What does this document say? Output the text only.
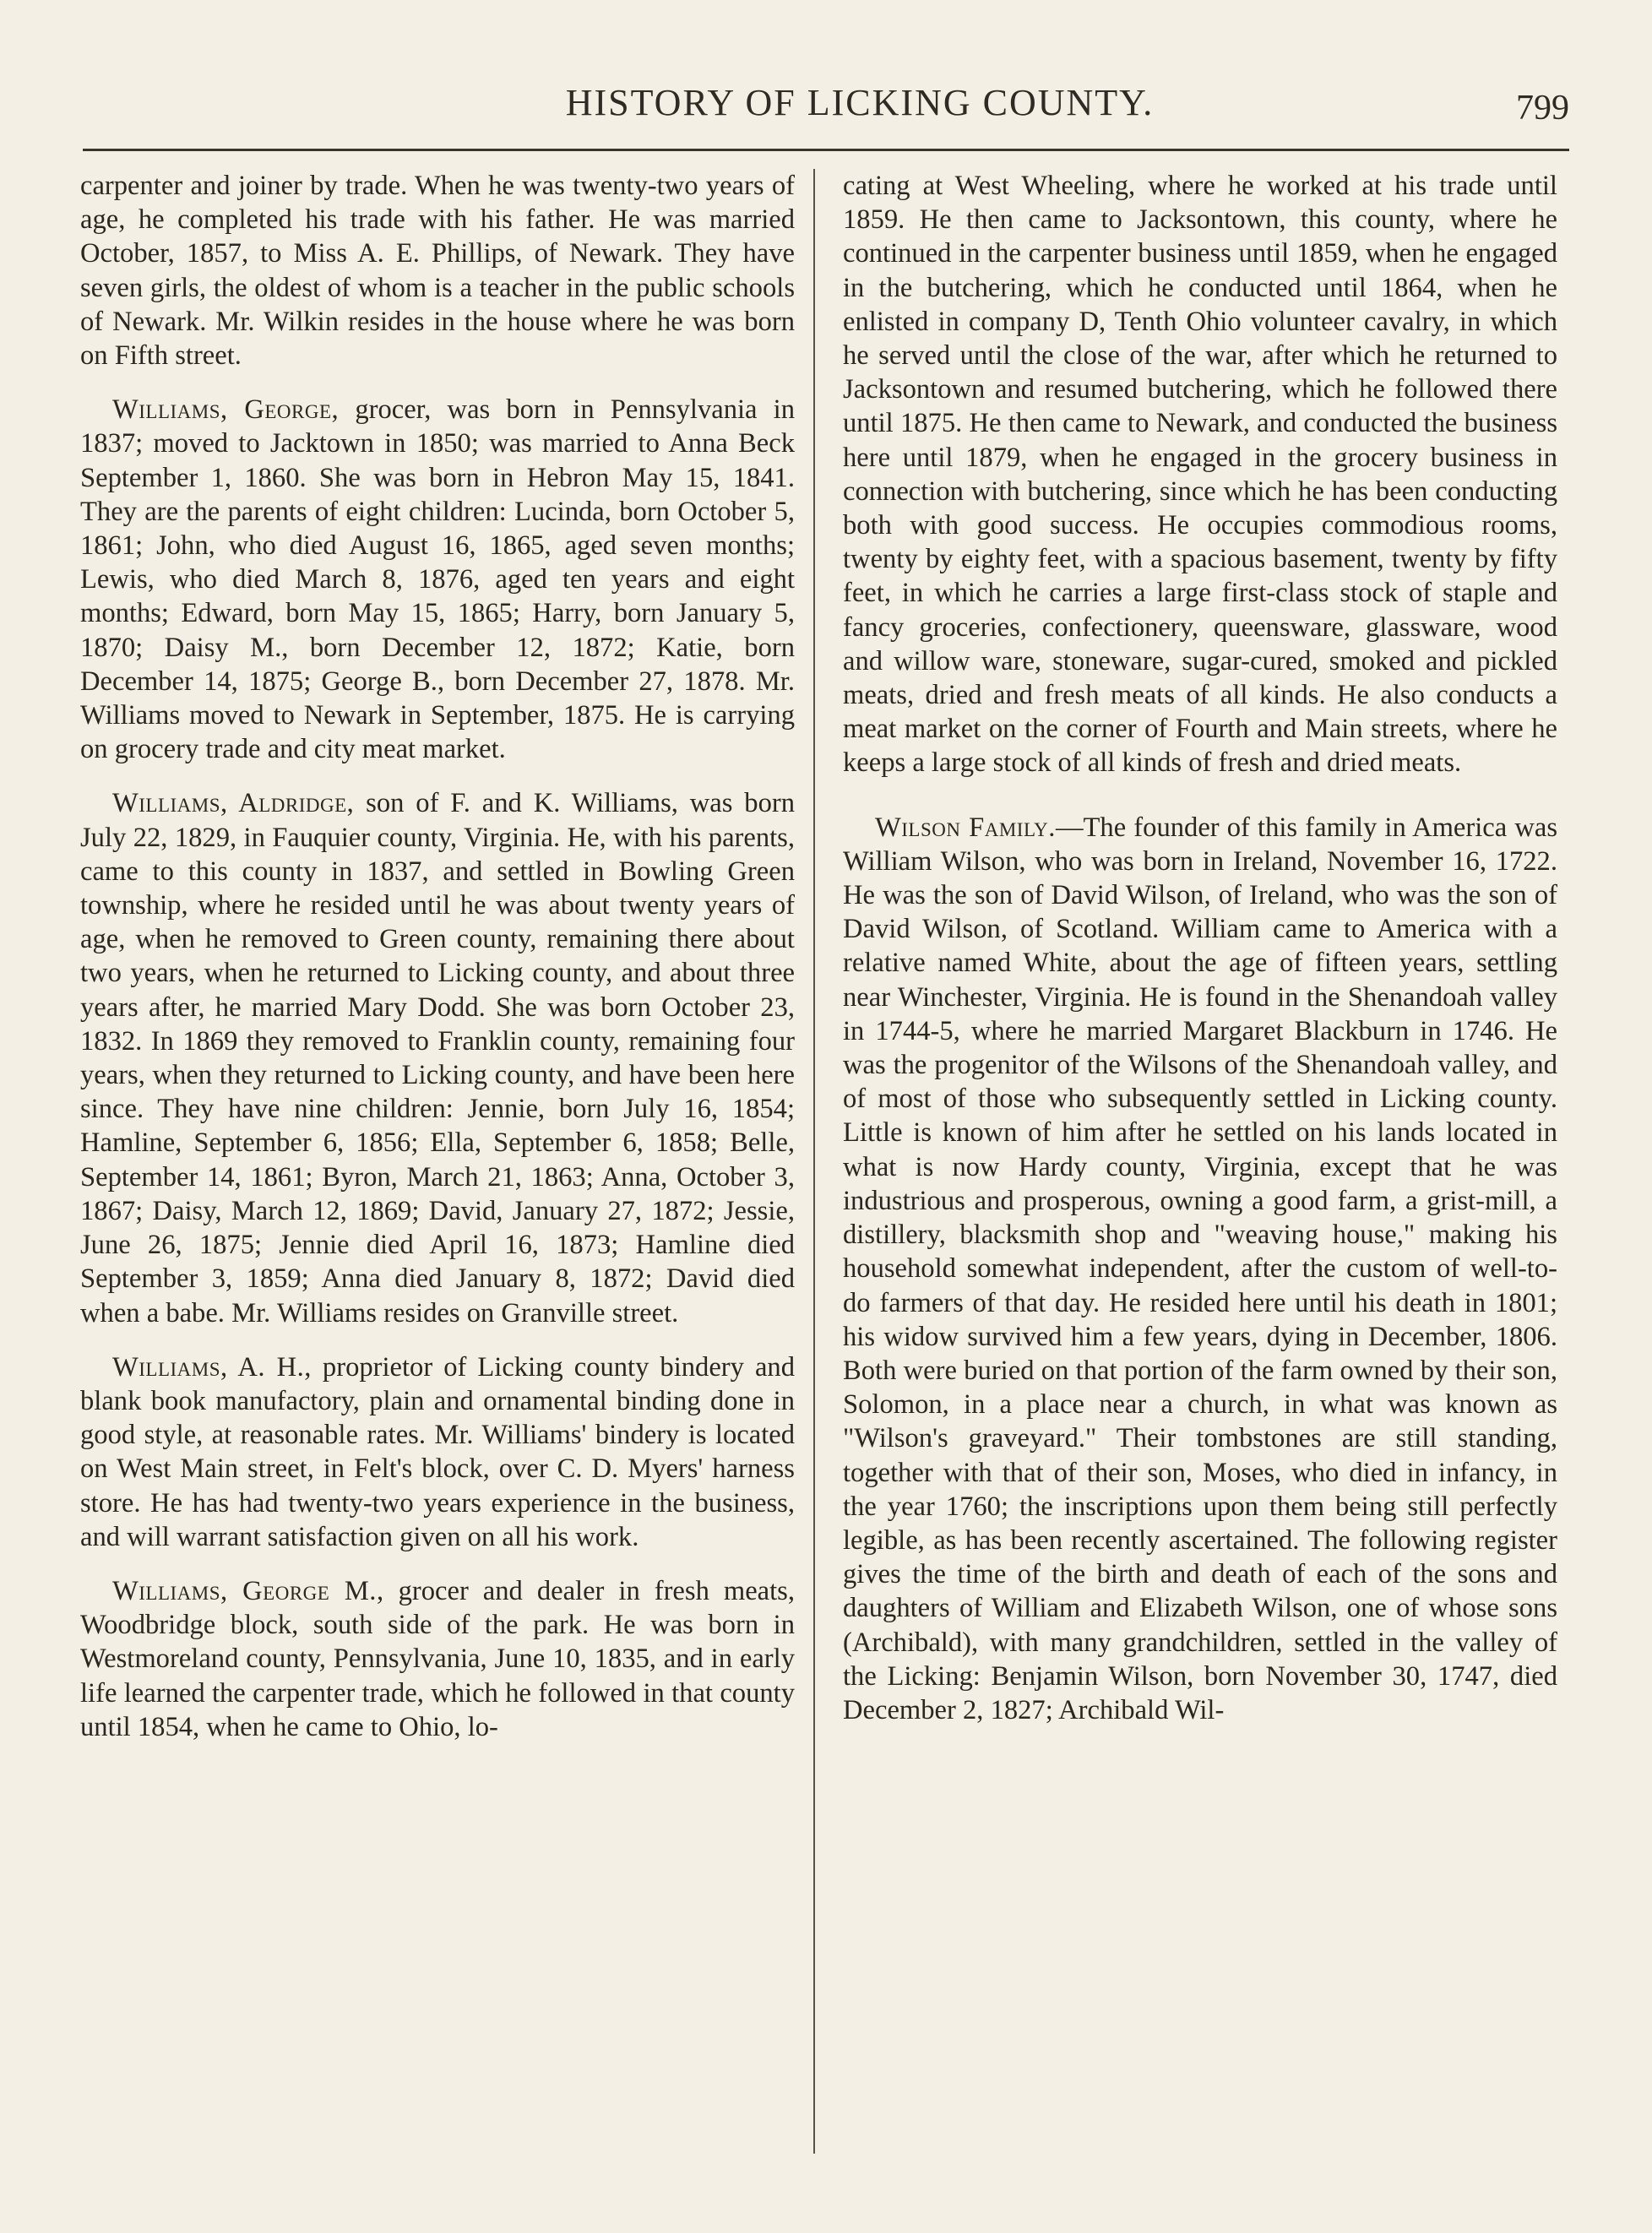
HISTORY OF LICKING COUNTY.	799

carpenter and joiner by trade. When he was twenty-two years of age, he completed his trade with his father. He was married October, 1857, to Miss A. E. Phillips, of Newark. They have seven girls, the oldest of whom is a teacher in the public schools of Newark. Mr. Wilkin resides in the house where he was born on Fifth street.

Williams, George, grocer, was born in Pennsylvania in 1837; moved to Jacktown in 1850; was married to Anna Beck September 1, 1860. She was born in Hebron May 15, 1841. They are the parents of eight children: Lucinda, born October 5, 1861; John, who died August 16, 1865, aged seven months; Lewis, who died March 8, 1876, aged ten years and eight months; Edward, born May 15, 1865; Harry, born January 5, 1870; Daisy M., born December 12, 1872; Katie, born December 14, 1875; George B., born December 27, 1878. Mr. Williams moved to Newark in September, 1875. He is carrying on grocery trade and city meat market.

Williams, Aldridge, son of F. and K. Williams, was born July 22, 1829, in Fauquier county, Virginia. He, with his parents, came to this county in 1837, and settled in Bowling Green township, where he resided until he was about twenty years of age, when he removed to Green county, remaining there about two years, when he returned to Licking county, and about three years after, he married Mary Dodd. She was born October 23, 1832. In 1869 they removed to Franklin county, remaining four years, when they returned to Licking county, and have been here since. They have nine children: Jennie, born July 16, 1854; Hamline, September 6, 1856; Ella, September 6, 1858; Belle, September 14, 1861; Byron, March 21, 1863; Anna, October 3, 1867; Daisy, March 12, 1869; David, January 27, 1872; Jessie, June 26, 1875; Jennie died April 16, 1873; Hamline died September 3, 1859; Anna died January 8, 1872; David died when a babe. Mr. Williams resides on Granville street.

Williams, A. H., proprietor of Licking county bindery and blank book manufactory, plain and ornamental binding done in good style, at reasonable rates. Mr. Williams' bindery is located on West Main street, in Felt's block, over C. D. Myers' harness store. He has had twenty-two years experience in the business, and will warrant satisfaction given on all his work.

Williams, George M., grocer and dealer in fresh meats, Woodbridge block, south side of the park. He was born in Westmoreland county, Pennsylvania, June 10, 1835, and in early life learned the carpenter trade, which he followed in that county until 1854, when he came to Ohio, lo-

cating at West Wheeling, where he worked at his trade until 1859. He then came to Jacksontown, this county, where he continued in the carpenter business until 1859, when he engaged in the butchering, which he conducted until 1864, when he enlisted in company D, Tenth Ohio volunteer cavalry, in which he served until the close of the war, after which he returned to Jacksontown and resumed butchering, which he followed there until 1875. He then came to Newark, and conducted the business here until 1879, when he engaged in the grocery business in connection with butchering, since which he has been conducting both with good success. He occupies commodious rooms, twenty by eighty feet, with a spacious basement, twenty by fifty feet, in which he carries a large first-class stock of staple and fancy groceries, confectionery, queensware, glassware, wood and willow ware, stoneware, sugar-cured, smoked and pickled meats, dried and fresh meats of all kinds. He also conducts a meat market on the corner of Fourth and Main streets, where he keeps a large stock of all kinds of fresh and dried meats.

Wilson Family.—The founder of this family in America was William Wilson, who was born in Ireland, November 16, 1722. He was the son of David Wilson, of Ireland, who was the son of David Wilson, of Scotland. William came to America with a relative named White, about the age of fifteen years, settling near Winchester, Virginia. He is found in the Shenandoah valley in 1744-5, where he married Margaret Blackburn in 1746. He was the progenitor of the Wilsons of the Shenandoah valley, and of most of those who subsequently settled in Licking county. Little is known of him after he settled on his lands located in what is now Hardy county, Virginia, except that he was industrious and prosperous, owning a good farm, a grist-mill, a distillery, blacksmith shop and "weaving house," making his household somewhat independent, after the custom of well-to-do farmers of that day. He resided here until his death in 1801; his widow survived him a few years, dying in December, 1806. Both were buried on that portion of the farm owned by their son, Solomon, in a place near a church, in what was known as "Wilson's graveyard." Their tombstones are still standing, together with that of their son, Moses, who died in infancy, in the year 1760; the inscriptions upon them being still perfectly legible, as has been recently ascertained. The following register gives the time of the birth and death of each of the sons and daughters of William and Elizabeth Wilson, one of whose sons (Archibald), with many grandchildren, settled in the valley of the Licking: Benjamin Wilson, born November 30, 1747, died December 2, 1827; Archibald Wil-
